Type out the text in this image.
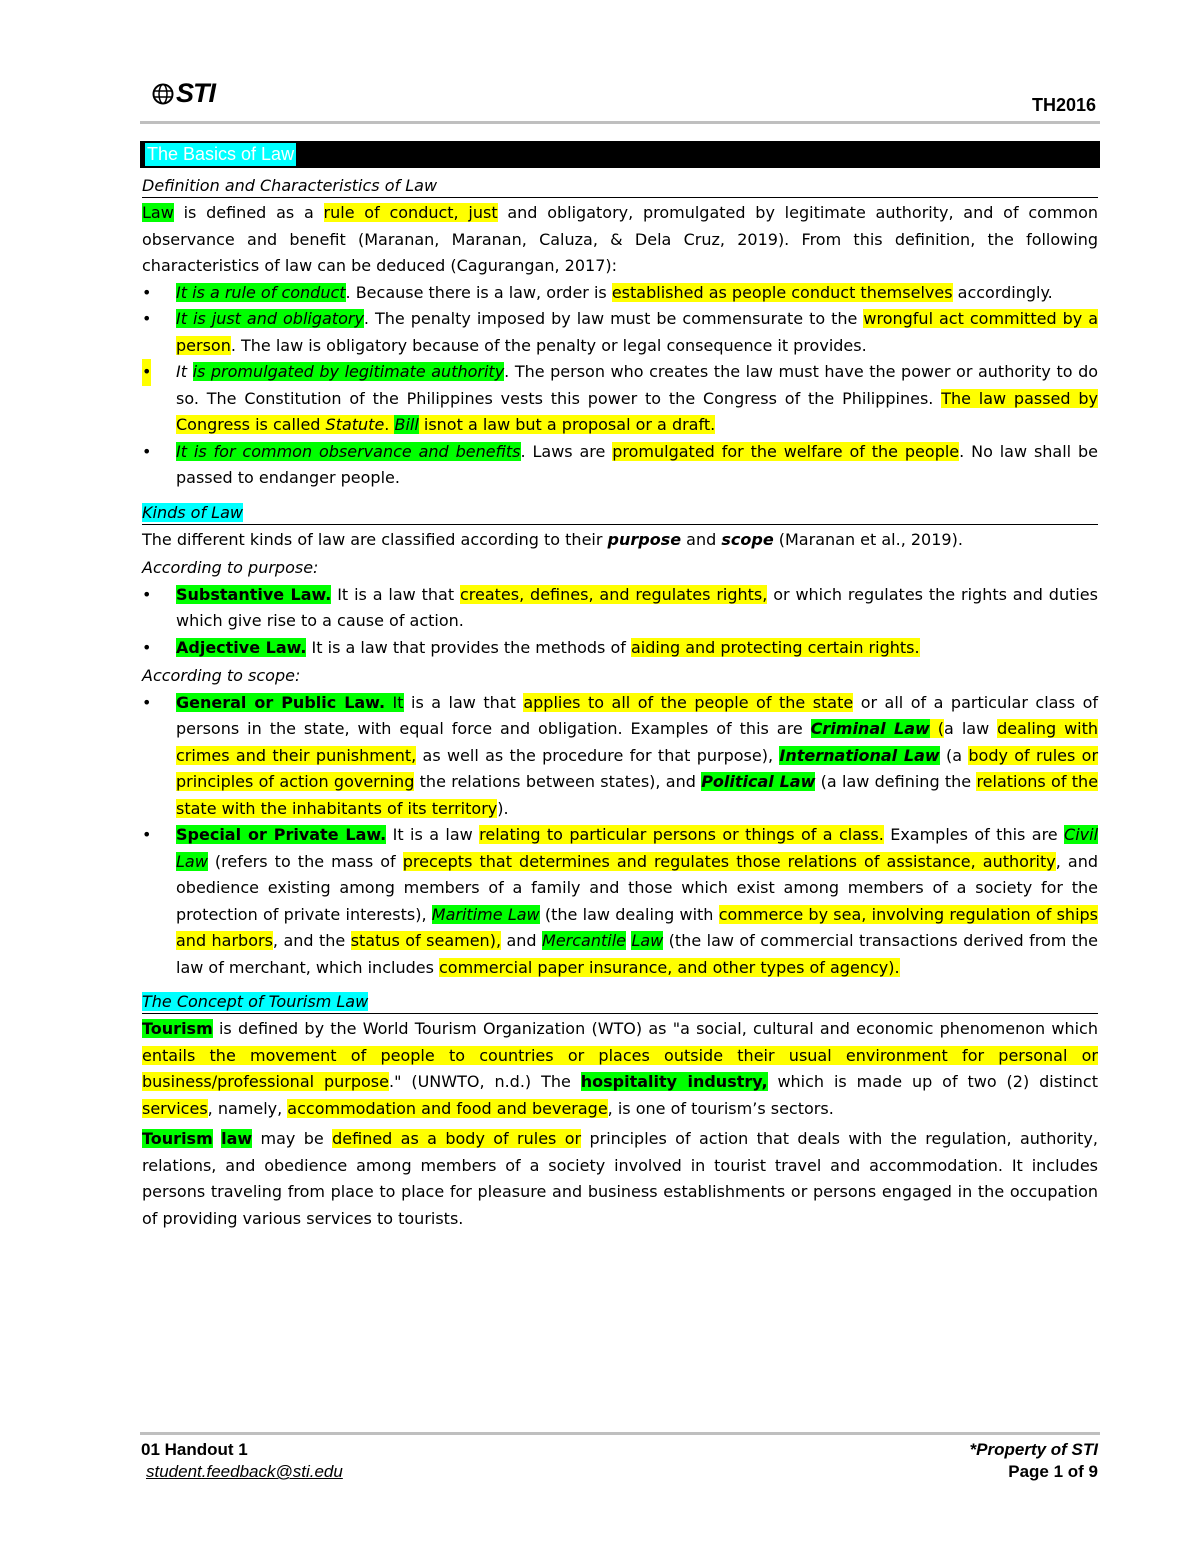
STI	TH2016
The Basics of Law
Definition and Characteristics of Law

Law is defined as a rule of conduct, just and obligatory, promulgated by legitimate authority, and of common observance and benefit (Maranan, Maranan, Caluza, & Dela Cruz, 2019). From this definition, the following characteristics of law can be deduced (Cagurangan, 2017):

• It is a rule of conduct. Because there is a law, order is established as people conduct themselves accordingly.
• It is just and obligatory. The penalty imposed by law must be commensurate to the wrongful act committed by a person. The law is obligatory because of the penalty or legal consequence it provides.
• It is promulgated by legitimate authority. The person who creates the law must have the power or authority to do so. The Constitution of the Philippines vests this power to the Congress of the Philippines. The law passed by Congress is called Statute. Bill isnot a law but a proposal or a draft.
• It is for common observance and benefits. Laws are promulgated for the welfare of the people. No law shall be passed to endanger people.
Kinds of Law

The different kinds of law are classified according to their purpose and scope (Maranan et al., 2019).

According to purpose:

• Substantive Law. It is a law that creates, defines, and regulates rights, or which regulates the rights and duties which give rise to a cause of action.
• Adjective Law. It is a law that provides the methods of aiding and protecting certain rights.

According to scope:

• General or Public Law. It is a law that applies to all of the people of the state or all of a particular class of persons in the state, with equal force and obligation. Examples of this are Criminal Law (a law dealing with crimes and their punishment, as well as the procedure for that purpose), International Law (a body of rules or principles of action governing the relations between states), and Political Law (a law defining the relations of the state with the inhabitants of its territory).
• Special or Private Law. It is a law relating to particular persons or things of a class. Examples of this are Civil Law (refers to the mass of precepts that determines and regulates those relations of assistance, authority, and obedience existing among members of a family and those which exist among members of a society for the protection of private interests), Maritime Law (the law dealing with commerce by sea, involving regulation of ships and harbors, and the status of seamen), and Mercantile Law (the law of commercial transactions derived from the law of merchant, which includes commercial paper insurance, and other types of agency).
The Concept of Tourism Law

Tourism is defined by the World Tourism Organization (WTO) as "a social, cultural and economic phenomenon which entails the movement of people to countries or places outside their usual environment for personal or business/professional purpose." (UNWTO, n.d.) The hospitality industry, which is made up of two (2) distinct services, namely, accommodation and food and beverage, is one of tourism’s sectors.

Tourism law may be defined as a body of rules or principles of action that deals with the regulation, authority, relations, and obedience among members of a society involved in tourist travel and accommodation. It includes persons traveling from place to place for pleasure and business establishments or persons engaged in the occupation of providing various services to tourists.

01 Handout 1
student.feedback@sti.edu
*Property of STI
Page 1 of 9
